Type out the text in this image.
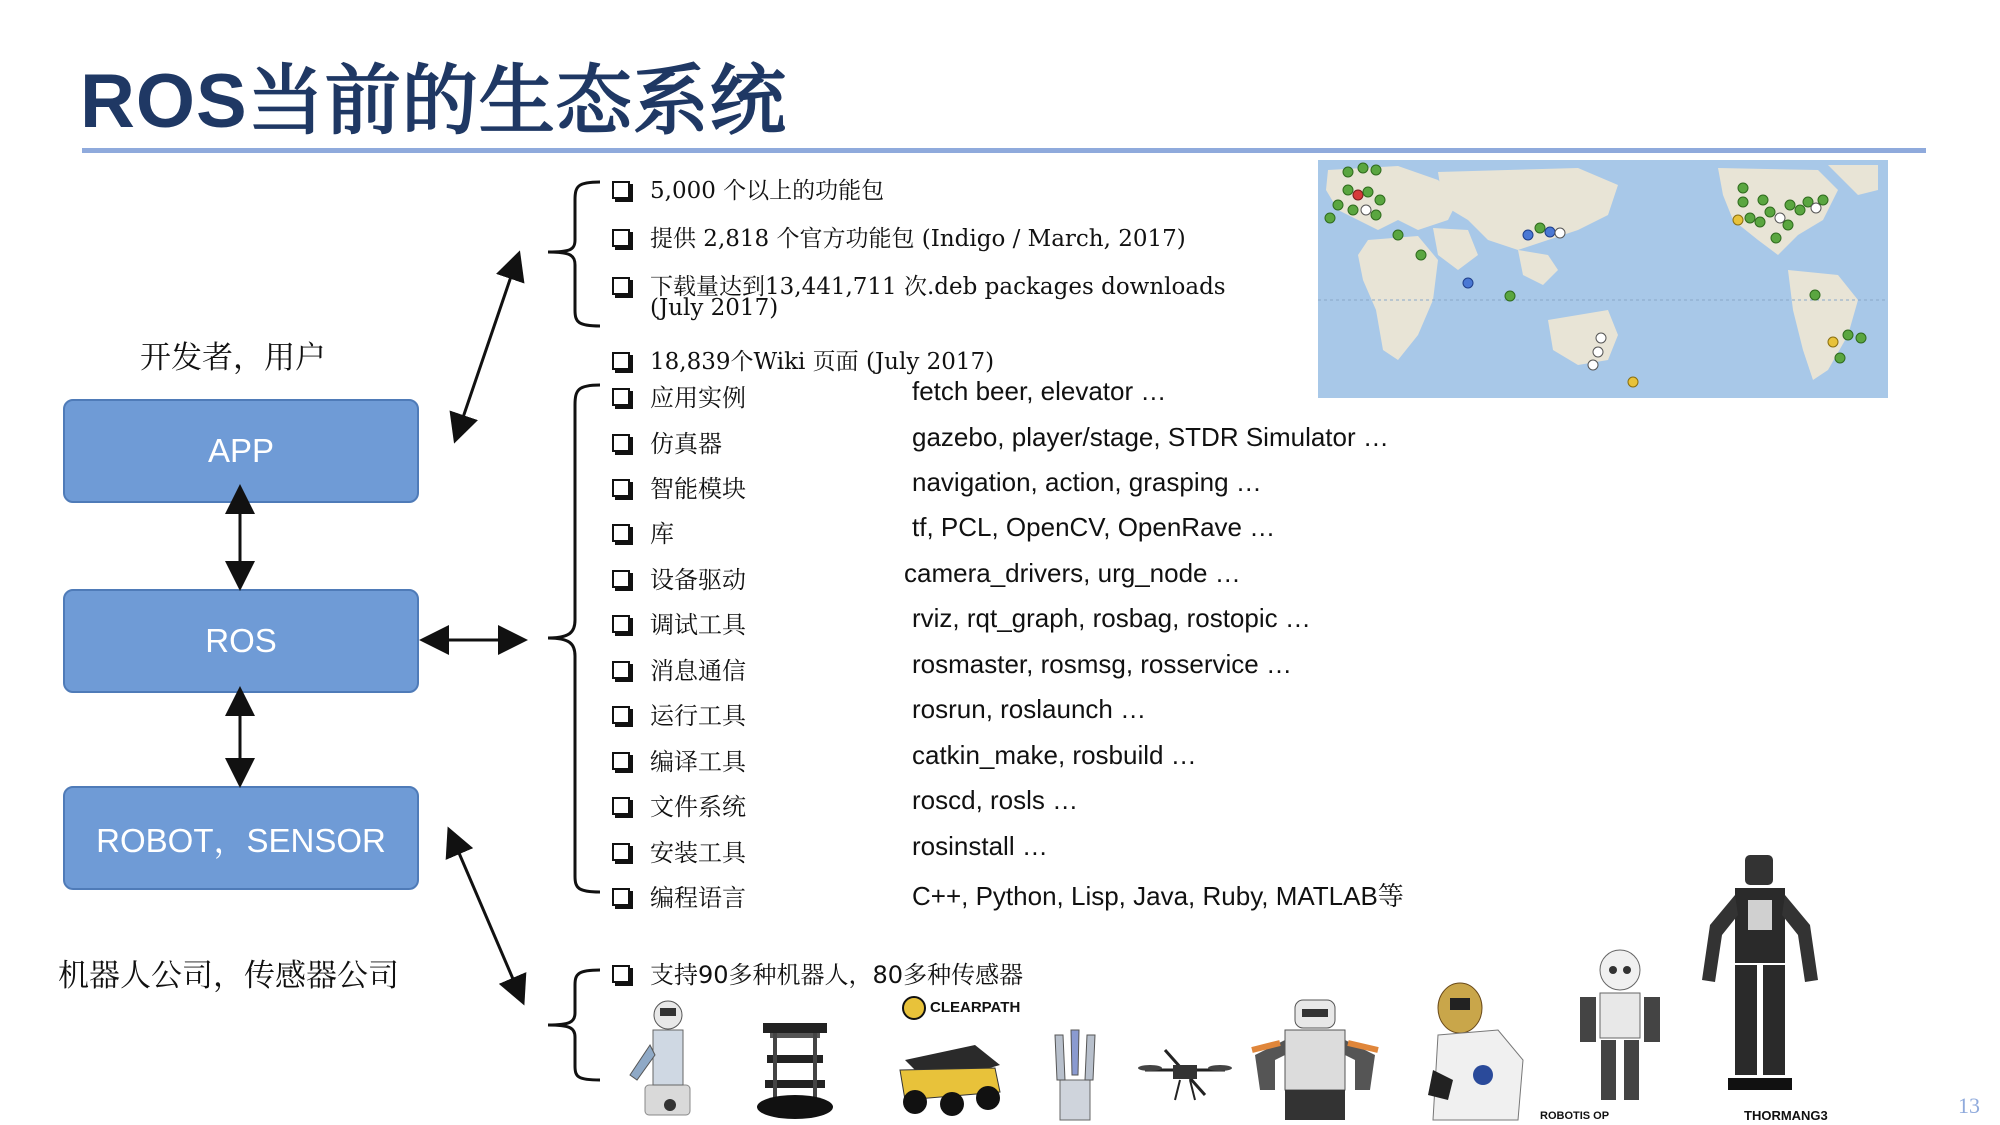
ROS当前的生态系统
开发者，用户
APP
ROS
ROBOT，SENSOR
机器人公司，传感器公司
5,000 个以上的功能包
提供 2,818 个官方功能包 (Indigo / March, 2017)
下载量达到13,441,711 次.deb packages downloads
(July 2017)
18,839个Wiki 页面 (July 2017)
应用实例	fetch beer, elevator …
仿真器	gazebo, player/stage, STDR Simulator …
智能模块	navigation, action, grasping …
库	tf, PCL, OpenCV, OpenRave …
设备驱动	camera_drivers, urg_node …
调试工具	rviz, rqt_graph, rosbag, rostopic …
消息通信	rosmaster, rosmsg, rosservice …
运行工具	rosrun, roslaunch …
编译工具	catkin_make, rosbuild …
文件系统	roscd, rosls …
安装工具	rosinstall …
编程语言	C++, Python, Lisp, Java, Ruby, MATLAB等
支持90多种机器人，80多种传感器
CLEARPATH
ROBOTIS OP	THORMANG3	13
